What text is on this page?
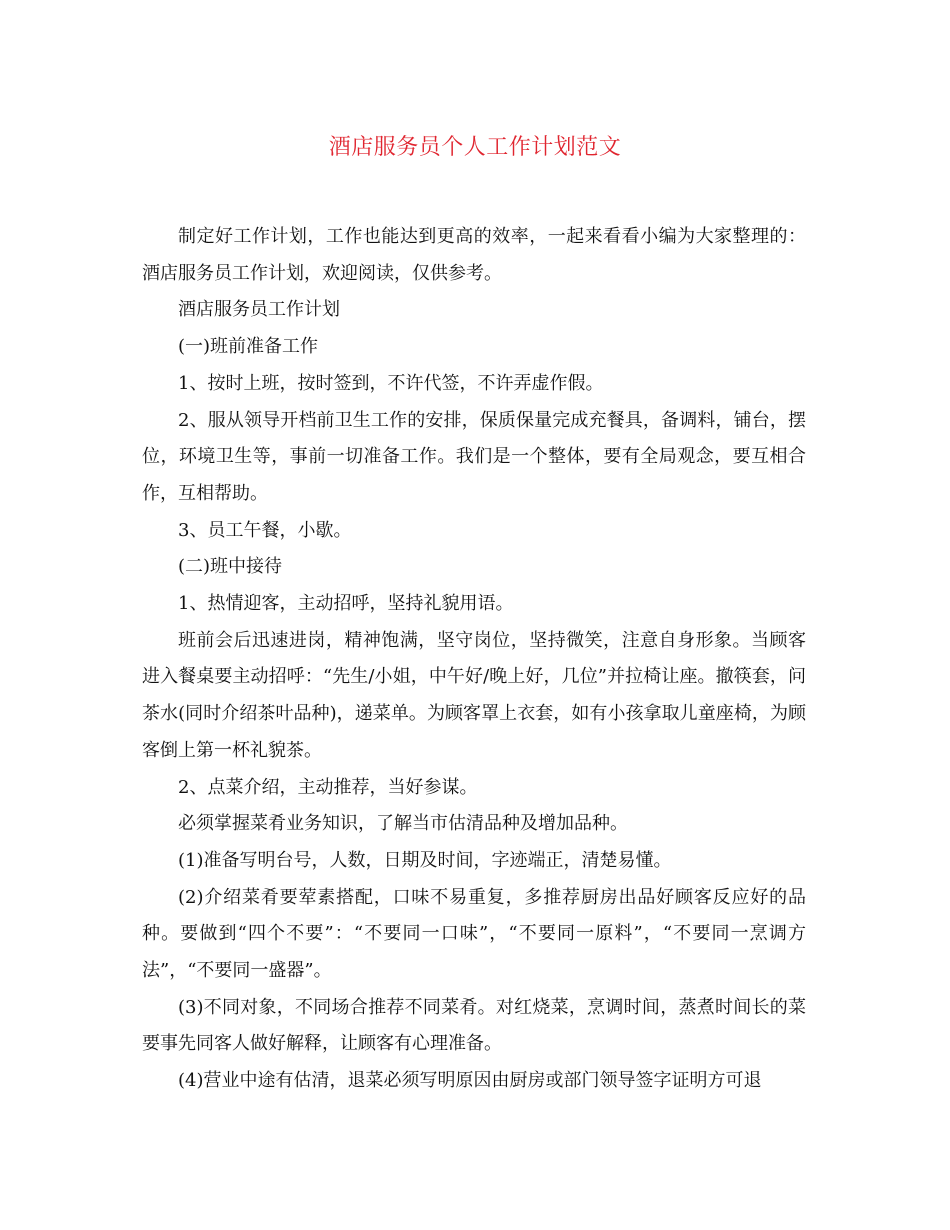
酒店服务员个人工作计划范文

制定好工作计划，工作也能达到更高的效率，一起来看看小编为大家整理的：酒店服务员工作计划，欢迎阅读，仅供参考。

酒店服务员工作计划

(一)班前准备工作

1、按时上班，按时签到，不许代签，不许弄虚作假。

2、服从领导开档前卫生工作的安排，保质保量完成充餐具，备调料，铺台，摆位，环境卫生等，事前一切准备工作。我们是一个整体，要有全局观念，要互相合作，互相帮助。

3、员工午餐，小歇。

(二)班中接待

1、热情迎客，主动招呼，坚持礼貌用语。

班前会后迅速进岗，精神饱满，坚守岗位，坚持微笑，注意自身形象。当顾客进入餐桌要主动招呼：“先生/小姐，中午好/晚上好，几位”并拉椅让座。撤筷套，问茶水(同时介绍茶叶品种)，递菜单。为顾客罩上衣套，如有小孩拿取儿童座椅，为顾客倒上第一杯礼貌茶。

2、点菜介绍，主动推荐，当好参谋。

必须掌握菜肴业务知识，了解当市估清品种及增加品种。

(1)准备写明台号，人数，日期及时间，字迹端正，清楚易懂。

(2)介绍菜肴要荤素搭配，口味不易重复，多推荐厨房出品好顾客反应好的品种。要做到“四个不要”：“不要同一口味”，“不要同一原料”，“不要同一烹调方法”，“不要同一盛器”。

(3)不同对象，不同场合推荐不同菜肴。对红烧菜，烹调时间，蒸煮时间长的菜要事先同客人做好解释，让顾客有心理准备。

(4)营业中途有估清，退菜必须写明原因由厨房或部门领导签字证明方可退
